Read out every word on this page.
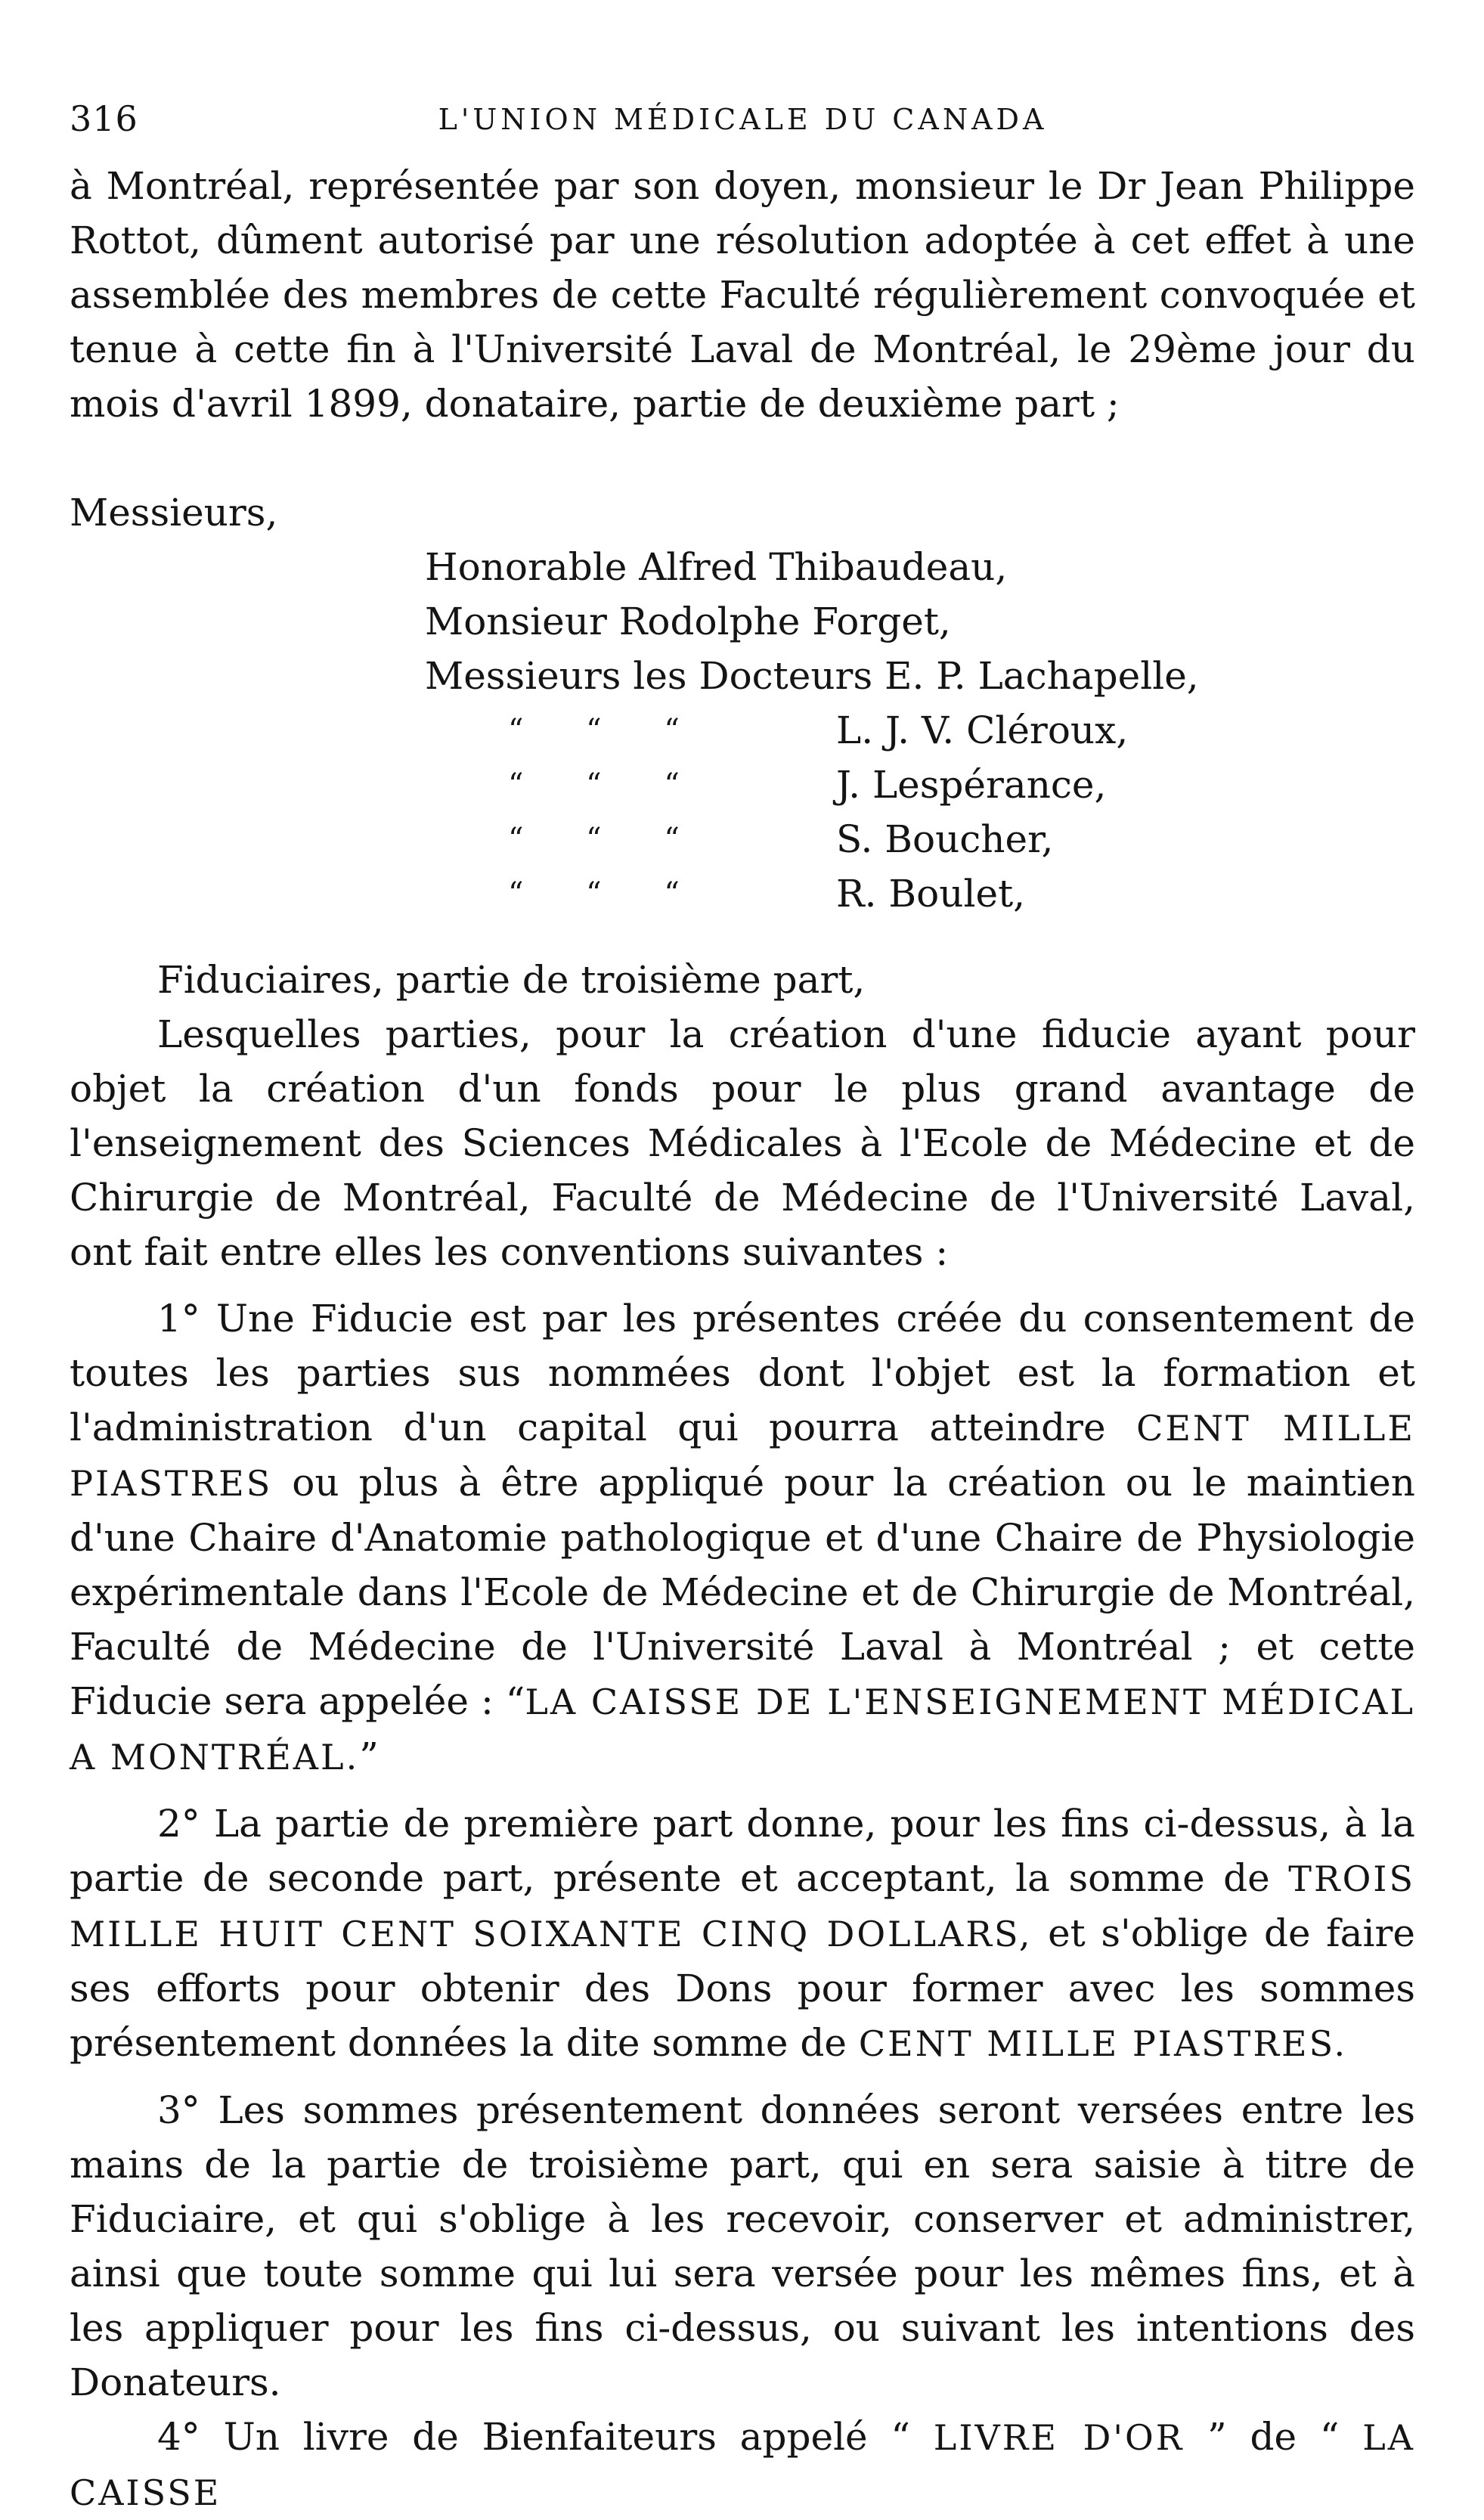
316	L'UNION MÉDICALE DU CANADA

à Montréal, représentée par son doyen, monsieur le Dr Jean Philippe Rottot, dûment autorisé par une résolution adoptée à cet effet à une assemblée des membres de cette Faculté régulièrement convoquée et tenue à cette fin à l'Université Laval de Montréal, le 29ème jour du mois d'avril 1899, donataire, partie de deuxième part ;

Messieurs,

Honorable Alfred Thibaudeau,
Monsieur Rodolphe Forget,
Messieurs les Docteurs E. P. Lachapelle,
“ “ “	L. J. V. Cléroux,
“ “ “	J. Lespérance,
“ “ “	S. Boucher,
“ “ “	R. Boulet,

Fiduciaires, partie de troisième part,

Lesquelles parties, pour la création d'une fiducie ayant pour objet la création d'un fonds pour le plus grand avantage de l'enseignement des Sciences Médicales à l'Ecole de Médecine et de Chirurgie de Montréal, Faculté de Médecine de l'Université Laval, ont fait entre elles les conventions suivantes :

1° Une Fiducie est par les présentes créée du consentement de toutes les parties sus nommées dont l'objet est la formation et l'administration d'un capital qui pourra atteindre CENT MILLE PIASTRES ou plus à être appliqué pour la création ou le maintien d'une Chaire d'Anatomie pathologique et d'une Chaire de Physiologie expérimentale dans l'Ecole de Médecine et de Chirurgie de Montréal, Faculté de Médecine de l'Université Laval à Montréal ; et cette Fiducie sera appelée : “LA CAISSE DE L'ENSEIGNEMENT MÉDICAL A MONTRÉAL.”

2° La partie de première part donne, pour les fins ci-dessus, à la partie de seconde part, présente et acceptant, la somme de TROIS MILLE HUIT CENT SOIXANTE CINQ DOLLARS, et s'oblige de faire ses efforts pour obtenir des Dons pour former avec les sommes présentement données la dite somme de CENT MILLE PIASTRES.

3° Les sommes présentement données seront versées entre les mains de la partie de troisième part, qui en sera saisie à titre de Fiduciaire, et qui s'oblige à les recevoir, conserver et administrer, ainsi que toute somme qui lui sera versée pour les mêmes fins, et à les appliquer pour les fins ci-dessus, ou suivant les intentions des Donateurs.

4° Un livre de Bienfaiteurs appelé “ LIVRE D'OR ” de “ LA CAISSE
